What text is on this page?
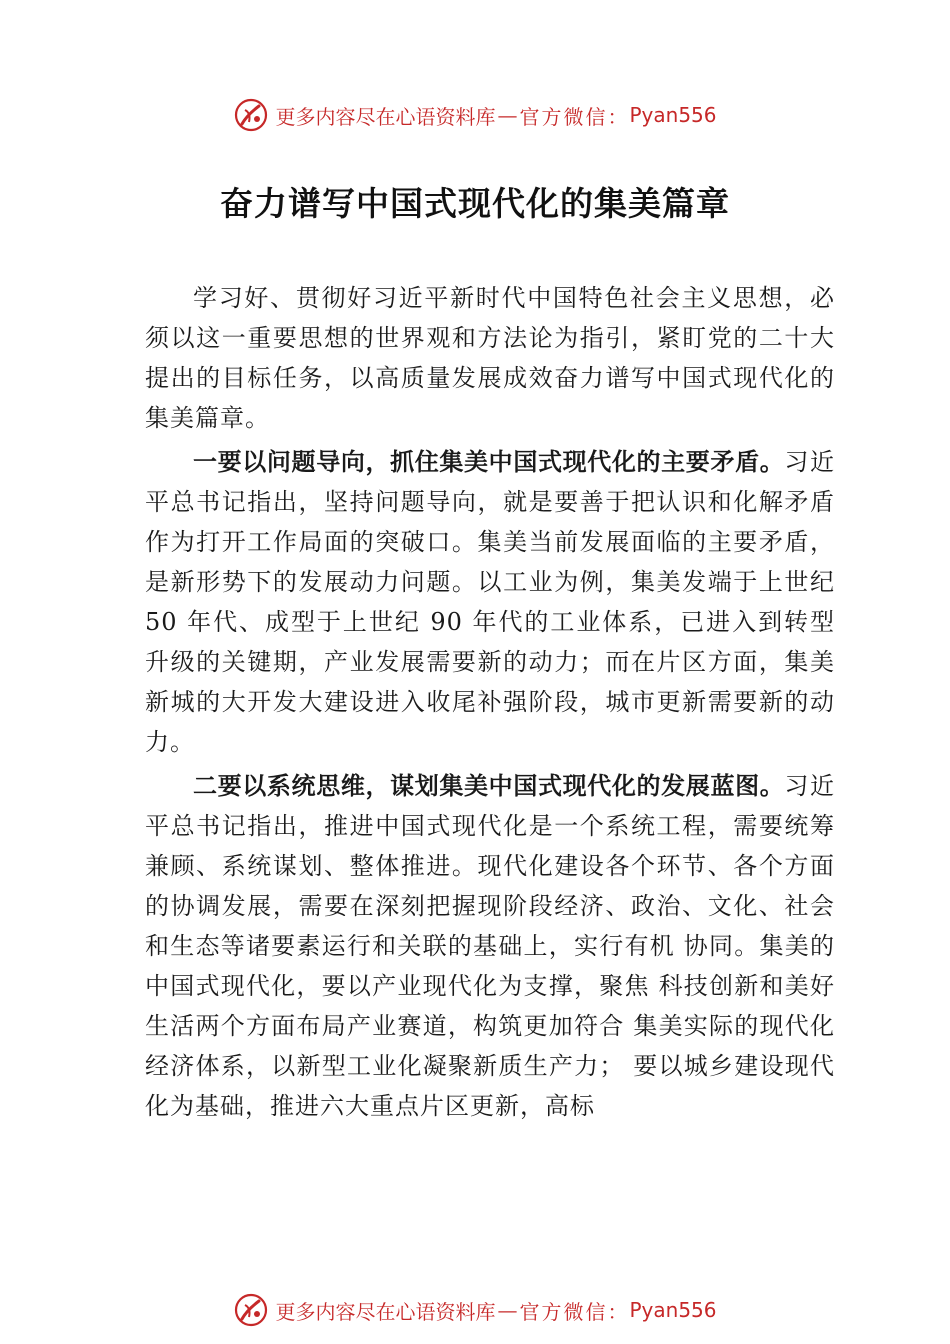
更多内容尽在心语资料库 — 官方微信： Pyan556
奋力谱写中国式现代化的集美篇章

学习好、贯彻好习近平新时代中国特色社会主义思想，必须以这一重要思想的世界观和方法论为指引，紧盯党的二十大提出的目标任务，以高质量发展成效奋力谱写中国式现代化的集美篇章。

一要以问题导向，抓住集美中国式现代化的主要矛盾。习近平总书记指出，坚持问题导向，就是要善于把认识和化解矛盾作为打开工作局面的突破口。集美当前发展面临的主要矛盾，是新形势下的发展动力问题。以工业为例，集美发端于上世纪 50 年代、成型于上世纪 90 年代的工业体系，已进入到转型升级的关键期，产业发展需要新的动力；而在片区方面，集美新城的大开发大建设进入收尾补强阶段，城市更新需要新的动力。

二要以系统思维，谋划集美中国式现代化的发展蓝图。习近平总书记指出，推进中国式现代化是一个系统工程，需要统筹兼顾、系统谋划、整体推进。现代化建设各个环节、各个方面的协调发展，需要在深刻把握现阶段经济、政治、文化、社会和生态等诸要素运行和关联的基础上，实行有机 协同。集美的中国式现代化，要以产业现代化为支撑，聚焦 科技创新和美好生活两个方面布局产业赛道，构筑更加符合 集美实际的现代化经济体系，以新型工业化凝聚新质生产力； 要以城乡建设现代化为基础，推进六大重点片区更新，高标

更多内容尽在心语资料库 — 官方微信： Pyan556
